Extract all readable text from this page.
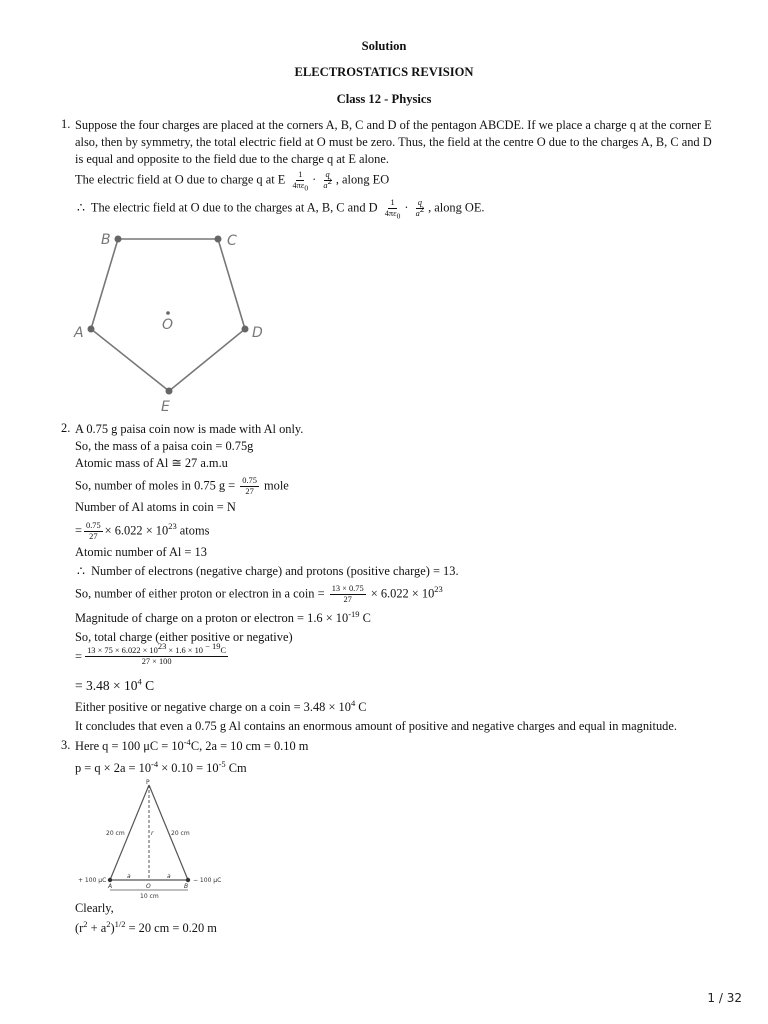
Solution
ELECTROSTATICS REVISION
Class 12 - Physics
1. Suppose the four charges are placed at the corners A, B, C and D of the pentagon ABCDE. If we place a charge q at the corner E
also, then by symmetry, the total electric field at O must be zero. Thus, the field at the centre O due to the charges A, B, C and D
is equal and opposite to the field due to the charge q at E alone.
The electric field at O due to charge q at E $\frac{1}{4\pi\varepsilon_0} \cdot \frac{q}{a^2}$ , along EO
∴ The electric field at O due to the charges at A, B, C and D $\frac{1}{4\pi\varepsilon_0} \cdot \frac{q}{a^2}$ , along OE.
B	C
A	D
O
E
2. A 0.75 g paisa coin now is made with Al only.
So, the mass of a paisa coin = 0.75g
Atomic mass of Al ≅ 27 a.m.u
So, number of moles in 0.75 $g = \frac{0.75}{27}$ mole
Number of Al atoms in coin = N
= $\frac{0.75}{27} \times 6.022 \times 10^{23}$ atoms
Atomic number of Al = 13
∴ Number of electrons (negative charge) and protons (positive charge) = 13.
So, number of either proton or electron in a coin = $\frac{13 \times 0.75}{27} \times 6.022 \times 10^{23}$
Magnitude of charge on a proton or electron = $1.6 \times 10^{-19}$ C
So, total charge (either positive or negative)
= $\frac{13 \times 75 \times 6.022 \times 10^{23} \times 1.6 \times 10 ^{- 19}C}{27 \times 100}$
= $3.48 \times 10^4$ C
Either positive or negative charge on a coin = $3.48 \times 10^4$ C
It concludes that even a 0.75 g Al contains an enormous amount of positive and negative charges and equal in magnitude.
3. Here q = 100 $\mu C = 10^{-4}C$, 2a = 10 cm = 0.10 m
$p = q \times 2a = 10^{-4} \times 0.10 = 10^{-5}$ Cm
P
20 cm	20 cm
r
+ 100 μC	− 100 μC
a	a
A	O	B
10 cm
Clearly,
$(r^2 + a^2)^{1/2} = 20$ cm = 0.20 m
1 / 32
